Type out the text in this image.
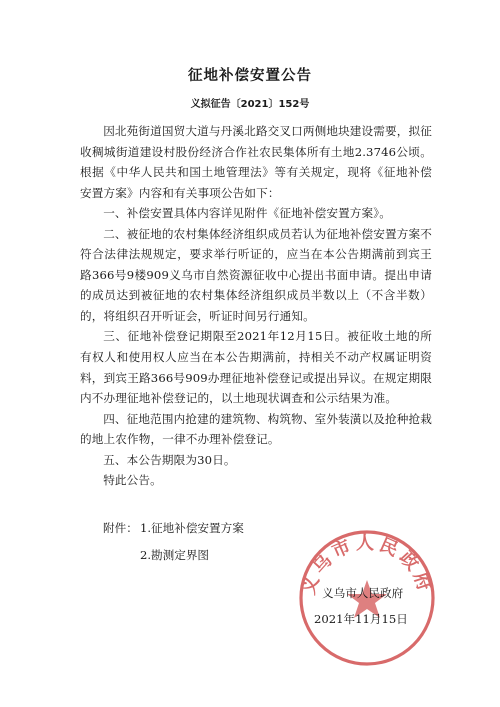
征地补偿安置公告
义拟征告〔2021〕152号

因北苑街道国贸大道与丹溪北路交叉口两侧地块建设需要，拟征收稠城街道建设村股份经济合作社农民集体所有土地2.3746公顷。根据《中华人民共和国土地管理法》等有关规定，现将《征地补偿安置方案》内容和有关事项公告如下：

一、补偿安置具体内容详见附件《征地补偿安置方案》。

二、被征地的农村集体经济组织成员若认为征地补偿安置方案不符合法律法规规定，要求举行听证的，应当在本公告期满前到宾王路366号9楼909义乌市自然资源征收中心提出书面申请。提出申请的成员达到被征地的农村集体经济组织成员半数以上（不含半数）的，将组织召开听证会，听证时间另行通知。

三、征地补偿登记期限至2021年12月15日。被征收土地的所有权人和使用权人应当在本公告期满前，持相关不动产权属证明资料，到宾王路366号909办理征地补偿登记或提出异议。在规定期限内不办理征地补偿登记的，以土地现状调查和公示结果为准。

四、征地范围内抢建的建筑物、构筑物、室外装潢以及抢种抢栽的地上农作物，一律不办理补偿登记。

五、本公告期限为30日。

特此公告。

附件： 1.征地补偿安置方案
2.勘测定界图
义乌市人民政府
义乌市人民政府
2021年11月15日
